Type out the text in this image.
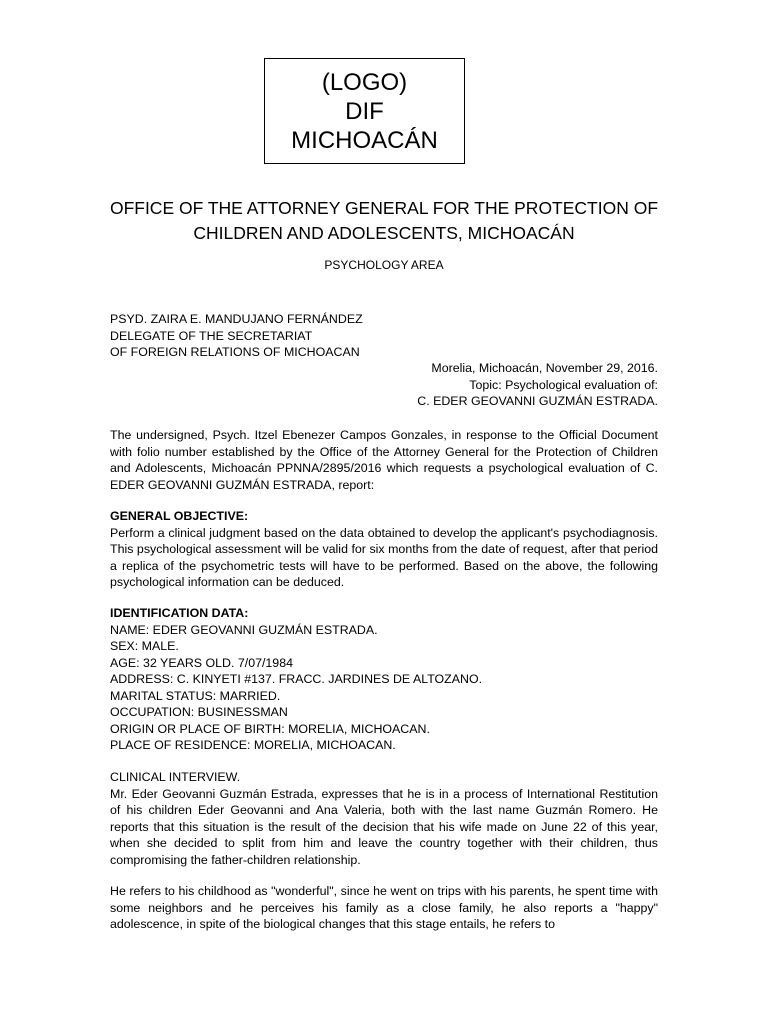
(LOGO)
DIF
MICHOACÁN
OFFICE OF THE ATTORNEY GENERAL FOR THE PROTECTION OF
CHILDREN AND ADOLESCENTS, MICHOACÁN
PSYCHOLOGY AREA
PSYD. ZAIRA E. MANDUJANO FERNÁNDEZ
DELEGATE OF THE SECRETARIAT
OF FOREIGN RELATIONS OF MICHOACAN
Morelia, Michoacán, November 29, 2016.
Topic: Psychological evaluation of:
C. EDER GEOVANNI GUZMÁN ESTRADA.

The undersigned, Psych. Itzel Ebenezer Campos Gonzales, in response to the Official Document with folio number established by the Office of the Attorney General for the Protection of Children and Adolescents, Michoacán PPNNA/2895/2016 which requests a psychological evaluation of C. EDER GEOVANNI GUZMÁN ESTRADA, report:

GENERAL OBJECTIVE:
Perform a clinical judgment based on the data obtained to develop the applicant's psychodiagnosis. This psychological assessment will be valid for six months from the date of request, after that period a replica of the psychometric tests will have to be performed. Based on the above, the following psychological information can be deduced.
IDENTIFICATION DATA:
NAME: EDER GEOVANNI GUZMÁN ESTRADA.
SEX: MALE.
AGE: 32 YEARS OLD. 7/07/1984
ADDRESS: C. KINYETI #137. FRACC. JARDINES DE ALTOZANO.
MARITAL STATUS: MARRIED.
OCCUPATION: BUSINESSMAN
ORIGIN OR PLACE OF BIRTH: MORELIA, MICHOACAN.
PLACE OF RESIDENCE: MORELIA, MICHOACAN.
CLINICAL INTERVIEW.
Mr. Eder Geovanni Guzmán Estrada, expresses that he is in a process of International Restitution of his children Eder Geovanni and Ana Valeria, both with the last name Guzmán Romero. He reports that this situation is the result of the decision that his wife made on June 22 of this year, when she decided to split from him and leave the country together with their children, thus compromising the father-children relationship.

He refers to his childhood as "wonderful", since he went on trips with his parents, he spent time with some neighbors and he perceives his family as a close family, he also reports a "happy" adolescence, in spite of the biological changes that this stage entails, he refers to
